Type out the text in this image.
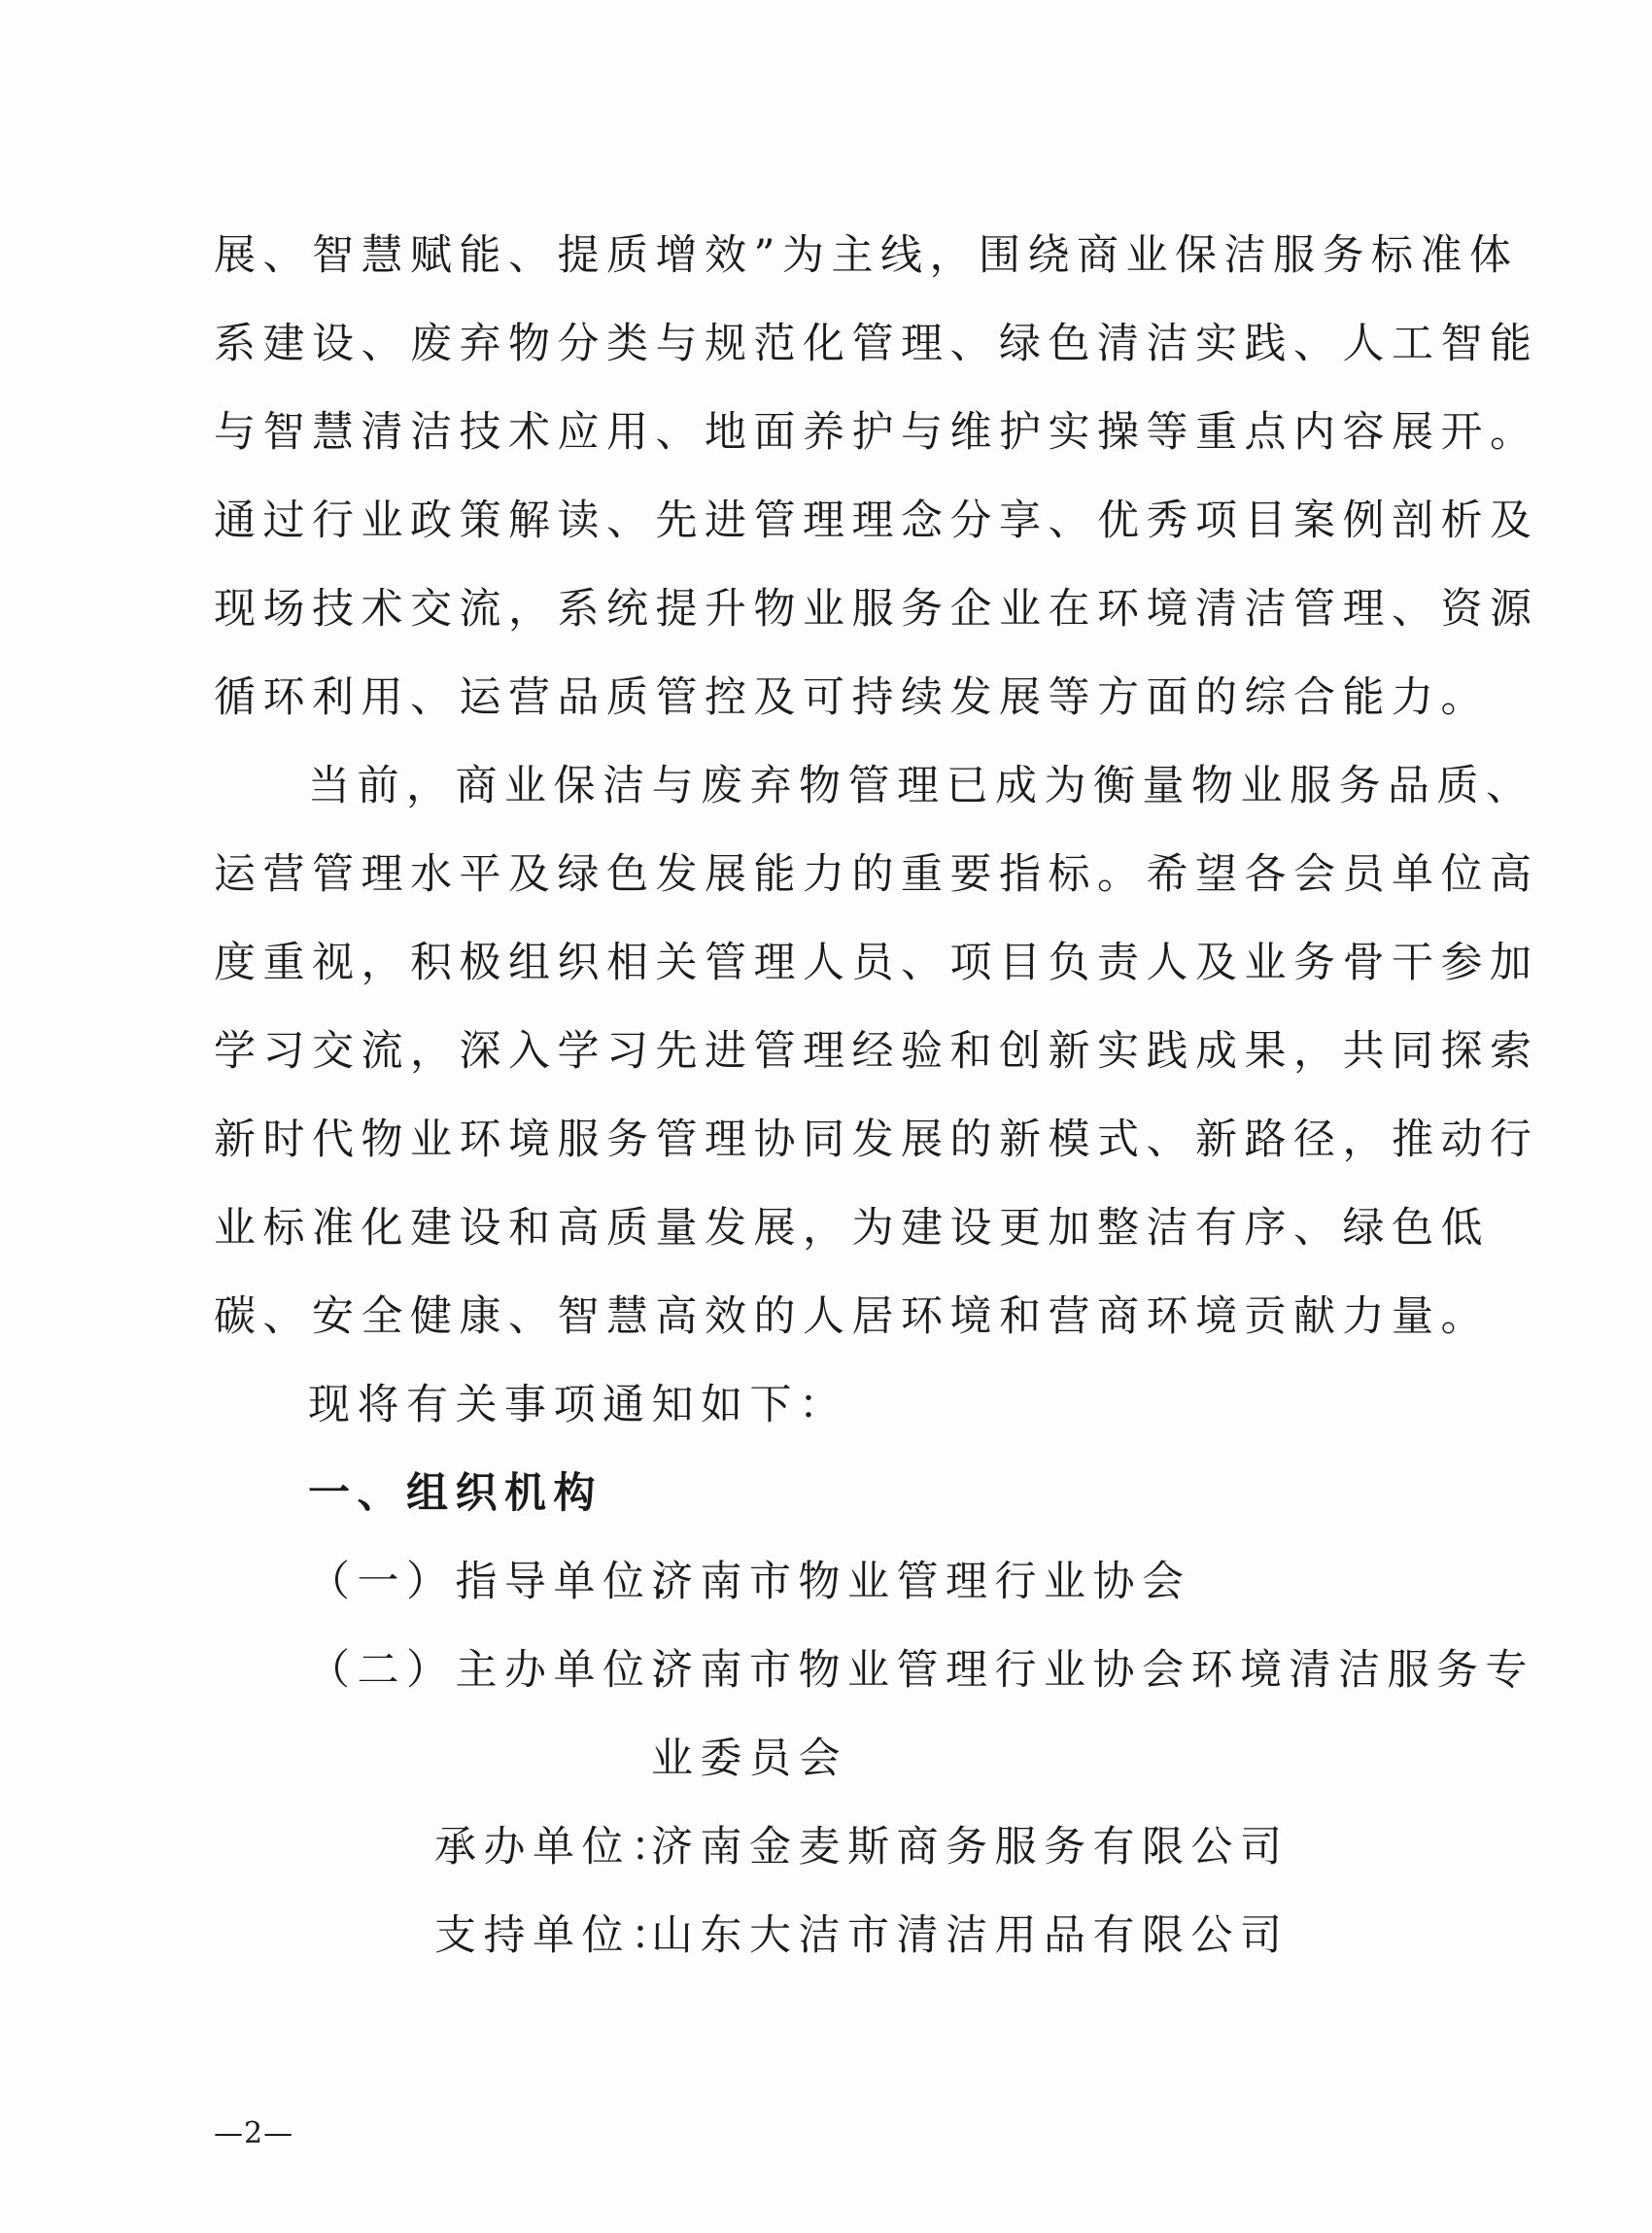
展、智慧赋能、提质增效”为主线，围绕商业保洁服务标准体
系建设、废弃物分类与规范化管理、绿色清洁实践、人工智能
与智慧清洁技术应用、地面养护与维护实操等重点内容展开。
通过行业政策解读、先进管理理念分享、优秀项目案例剖析及
现场技术交流，系统提升物业服务企业在环境清洁管理、资源
循环利用、运营品质管控及可持续发展等方面的综合能力。
当前，商业保洁与废弃物管理已成为衡量物业服务品质、
运营管理水平及绿色发展能力的重要指标。希望各会员单位高
度重视，积极组织相关管理人员、项目负责人及业务骨干参加
学习交流，深入学习先进管理经验和创新实践成果，共同探索
新时代物业环境服务管理协同发展的新模式、新路径，推动行
业标准化建设和高质量发展，为建设更加整洁有序、绿色低
碳、安全健康、智慧高效的人居环境和营商环境贡献力量。
现将有关事项通知如下：
一、组织机构
（一）指导单位：
济南市物业管理行业协会
（二）主办单位：
济南市物业管理行业协会环境清洁服务专
业委员会
承办单位：
济南金麦斯商务服务有限公司
支持单位：
山东大洁市清洁用品有限公司
—2—
